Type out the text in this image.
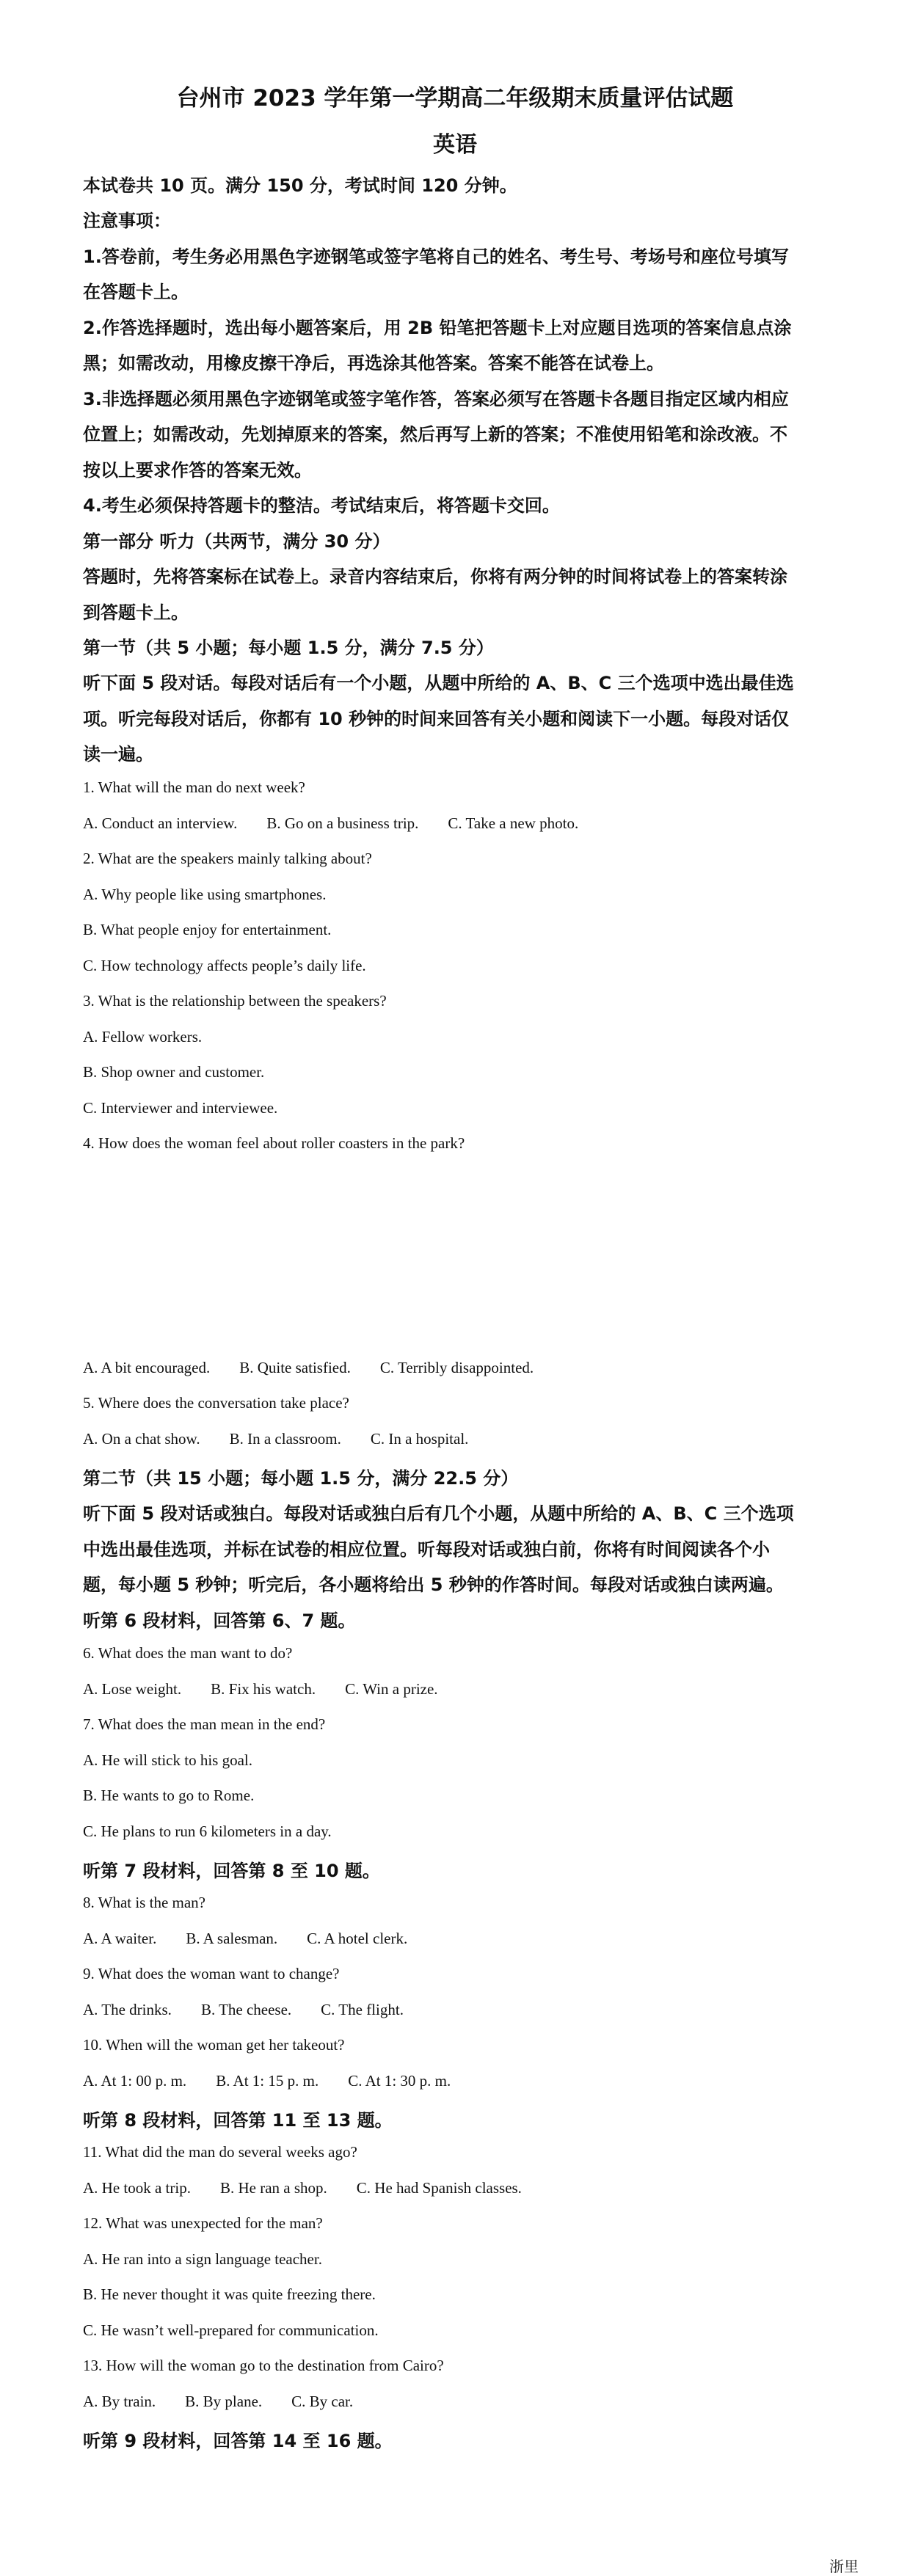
台州市 2023 学年第一学期高二年级期末质量评估试题
英语
本试卷共 10 页。满分 150 分，考试时间 120 分钟。
注意事项：
1.答卷前，考生务必用黑色字迹钢笔或签字笔将自己的姓名、考生号、考场号和座位号填写
在答题卡上。
2.作答选择题时，选出每小题答案后，用 2B 铅笔把答题卡上对应题目选项的答案信息点涂
黑；如需改动，用橡皮擦干净后，再选涂其他答案。答案不能答在试卷上。
3.非选择题必须用黑色字迹钢笔或签字笔作答，答案必须写在答题卡各题目指定区域内相应
位置上；如需改动，先划掉原来的答案，然后再写上新的答案；不准使用铅笔和涂改液。不
按以上要求作答的答案无效。
4.考生必须保持答题卡的整洁。考试结束后，将答题卡交回。
第一部分 听力（共两节，满分 30 分）
答题时，先将答案标在试卷上。录音内容结束后，你将有两分钟的时间将试卷上的答案转涂
到答题卡上。
第一节（共 5 小题；每小题 1.5 分，满分 7.5 分）
听下面 5 段对话。每段对话后有一个小题，从题中所给的 A、B、C 三个选项中选出最佳选
项。听完每段对话后，你都有 10 秒钟的时间来回答有关小题和阅读下一小题。每段对话仅
读一遍。
1. What will the man do next week?
A. Conduct an interview. B. Go on a business trip. C. Take a new photo.
2. What are the speakers mainly talking about?
A. Why people like using smartphones.
B. What people enjoy for entertainment.
C. How technology affects people’s daily life.
3. What is the relationship between the speakers?
A. Fellow workers.
B. Shop owner and customer.
C. Interviewer and interviewee.
4. How does the woman feel about roller coasters in the park?
A. A bit encouraged. B. Quite satisfied. C. Terribly disappointed.
5. Where does the conversation take place?
A. On a chat show. B. In a classroom. C. In a hospital.
第二节（共 15 小题；每小题 1.5 分，满分 22.5 分）
听下面 5 段对话或独白。每段对话或独白后有几个小题，从题中所给的 A、B、C 三个选项
中选出最佳选项，并标在试卷的相应位置。听每段对话或独白前，你将有时间阅读各个小
题，每小题 5 秒钟；听完后，各小题将给出 5 秒钟的作答时间。每段对话或独白读两遍。
听第 6 段材料，回答第 6、7 题。
6. What does the man want to do?
A. Lose weight. B. Fix his watch. C. Win a prize.
7. What does the man mean in the end?
A. He will stick to his goal.
B. He wants to go to Rome.
C. He plans to run 6 kilometers in a day.
听第 7 段材料，回答第 8 至 10 题。
8. What is the man?
A. A waiter. B. A salesman. C. A hotel clerk.
9. What does the woman want to change?
A. The drinks. B. The cheese. C. The flight.
10. When will the woman get her takeout?
A. At 1: 00 p. m. B. At 1: 15 p. m. C. At 1: 30 p. m.
听第 8 段材料，回答第 11 至 13 题。
11. What did the man do several weeks ago?
A. He took a trip. B. He ran a shop. C. He had Spanish classes.
12. What was unexpected for the man?
A. He ran into a sign language teacher.
B. He never thought it was quite freezing there.
C. He wasn’t well-prepared for communication.
13. How will the woman go to the destination from Cairo?
A. By train. B. By plane. C. By car.
听第 9 段材料，回答第 14 至 16 题。
浙里
